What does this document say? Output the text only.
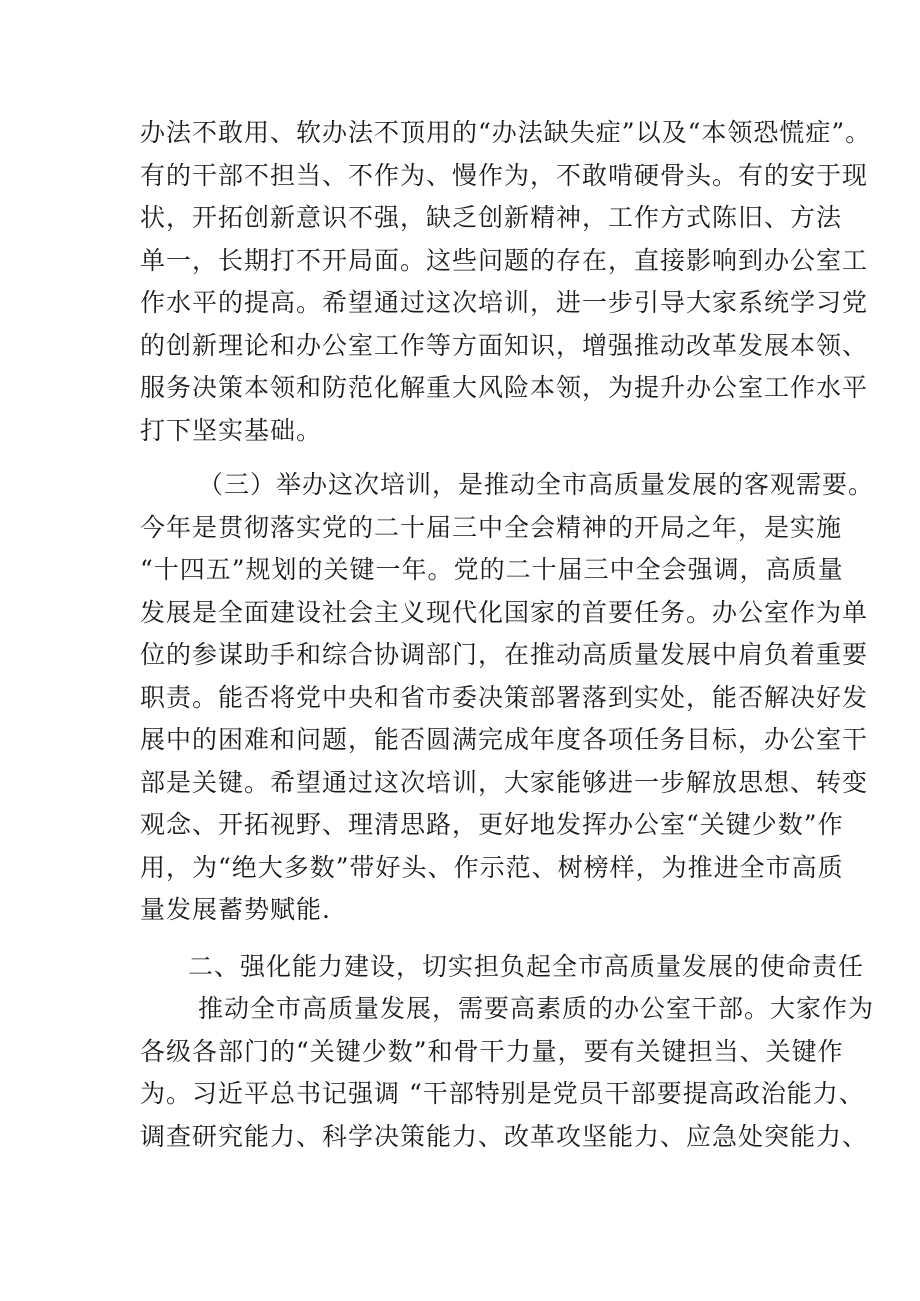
办法不敢用、软办法不顶用的“办法缺失症”以及“本领恐慌症”。
有的干部不担当、不作为、慢作为，不敢啃硬骨头。有的安于现
状，开拓创新意识不强，缺乏创新精神，工作方式陈旧、方法
单一，长期打不开局面。这些问题的存在，直接影响到办公室工
作水平的提高。希望通过这次培训，进一步引导大家系统学习党
的创新理论和办公室工作等方面知识，增强推动改革发展本领、
服务决策本领和防范化解重大风险本领，为提升办公室工作水平
打下坚实基础。
（三）举办这次培训，是推动全市高质量发展的客观需要。
今年是贯彻落实党的二十届三中全会精神的开局之年，是实施
“十四五”规划的关键一年。党的二十届三中全会强调，高质量
发展是全面建设社会主义现代化国家的首要任务。办公室作为单
位的参谋助手和综合协调部门，在推动高质量发展中肩负着重要
职责。能否将党中央和省市委决策部署落到实处，能否解决好发
展中的困难和问题，能否圆满完成年度各项任务目标，办公室干
部是关键。希望通过这次培训，大家能够进一步解放思想、转变
观念、开拓视野、理清思路，更好地发挥办公室“关键少数”作
用，为“绝大多数”带好头、作示范、树榜样，为推进全市高质
量发展蓄势赋能.
二、强化能力建设，切实担负起全市高质量发展的使命责任
推动全市高质量发展，需要高素质的办公室干部。大家作为
各级各部门的“关键少数”和骨干力量，要有关键担当、关键作
为。习近平总书记强调 “干部特别是党员干部要提高政治能力、
调查研究能力、科学决策能力、改革攻坚能力、应急处突能力、
